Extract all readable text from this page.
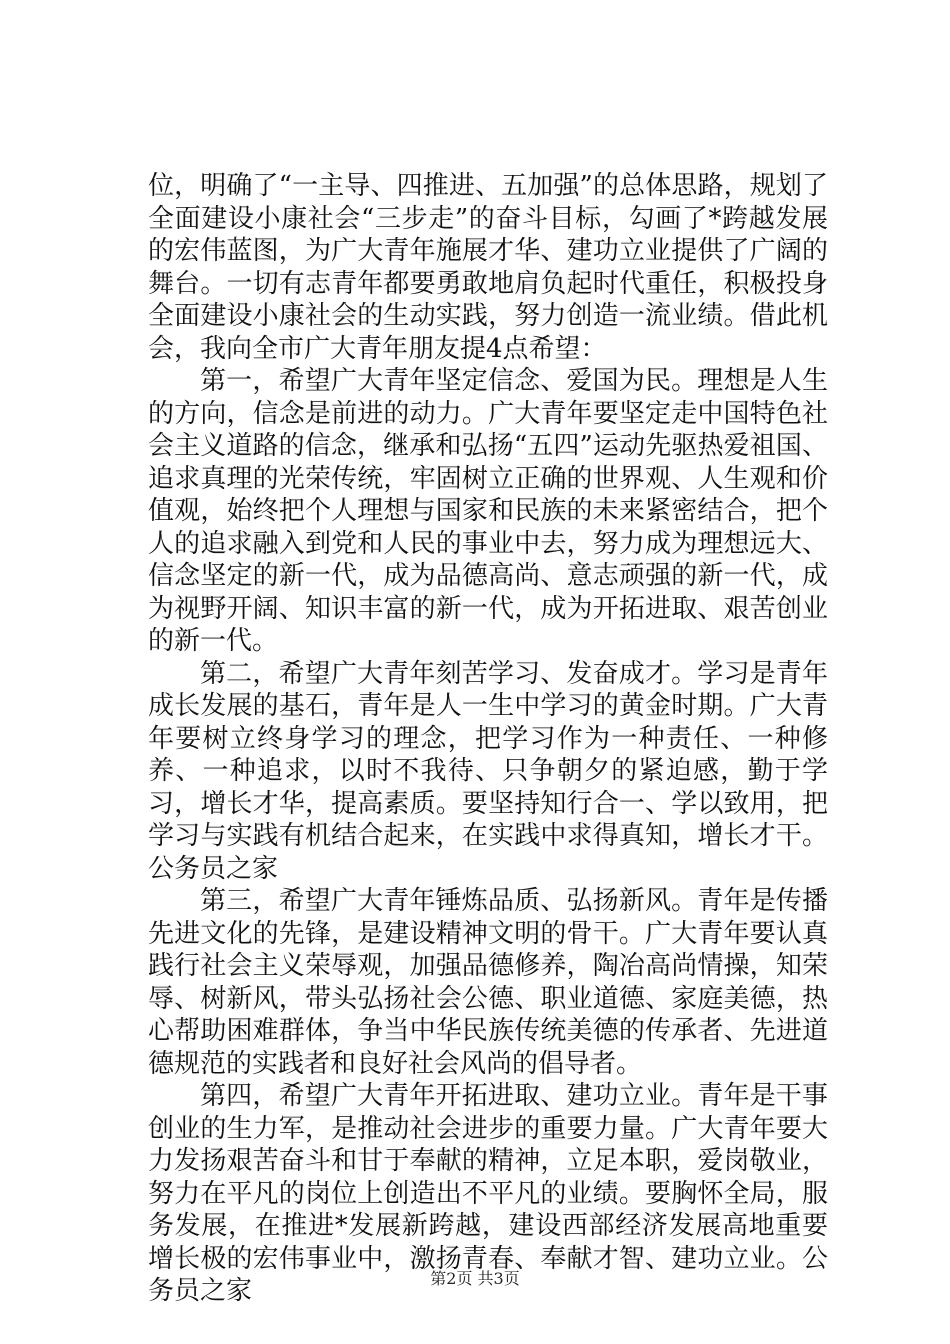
位，明确了“一主导、四推进、五加强”的总体思路，规划了全面建设小康社会“三步走”的奋斗目标，勾画了*跨越发展的宏伟蓝图，为广大青年施展才华、建功立业提供了广阔的舞台。一切有志青年都要勇敢地肩负起时代重任，积极投身全面建设小康社会的生动实践，努力创造一流业绩。借此机会，我向全市广大青年朋友提4点希望：

第一，希望广大青年坚定信念、爱国为民。理想是人生的方向，信念是前进的动力。广大青年要坚定走中国特色社会主义道路的信念，继承和弘扬“五四”运动先驱热爱祖国、追求真理的光荣传统，牢固树立正确的世界观、人生观和价值观，始终把个人理想与国家和民族的未来紧密结合，把个人的追求融入到党和人民的事业中去，努力成为理想远大、信念坚定的新一代，成为品德高尚、意志顽强的新一代，成为视野开阔、知识丰富的新一代，成为开拓进取、艰苦创业的新一代。

第二，希望广大青年刻苦学习、发奋成才。学习是青年成长发展的基石，青年是人一生中学习的黄金时期。广大青年要树立终身学习的理念，把学习作为一种责任、一种修养、一种追求，以时不我待、只争朝夕的紧迫感，勤于学习，增长才华，提高素质。要坚持知行合一、学以致用，把学习与实践有机结合起来，在实践中求得真知，增长才干。公务员之家

第三，希望广大青年锤炼品质、弘扬新风。青年是传播先进文化的先锋，是建设精神文明的骨干。广大青年要认真践行社会主义荣辱观，加强品德修养，陶冶高尚情操，知荣辱、树新风，带头弘扬社会公德、职业道德、家庭美德，热心帮助困难群体，争当中华民族传统美德的传承者、先进道德规范的实践者和良好社会风尚的倡导者。

第四，希望广大青年开拓进取、建功立业。青年是干事创业的生力军，是推动社会进步的重要力量。广大青年要大力发扬艰苦奋斗和甘于奉献的精神，立足本职，爱岗敬业，努力在平凡的岗位上创造出不平凡的业绩。要胸怀全局，服务发展，在推进*发展新跨越，建设西部经济发展高地重要增长极的宏伟事业中，激扬青春、奉献才智、建功立业。公务员之家	第2页 共3页
